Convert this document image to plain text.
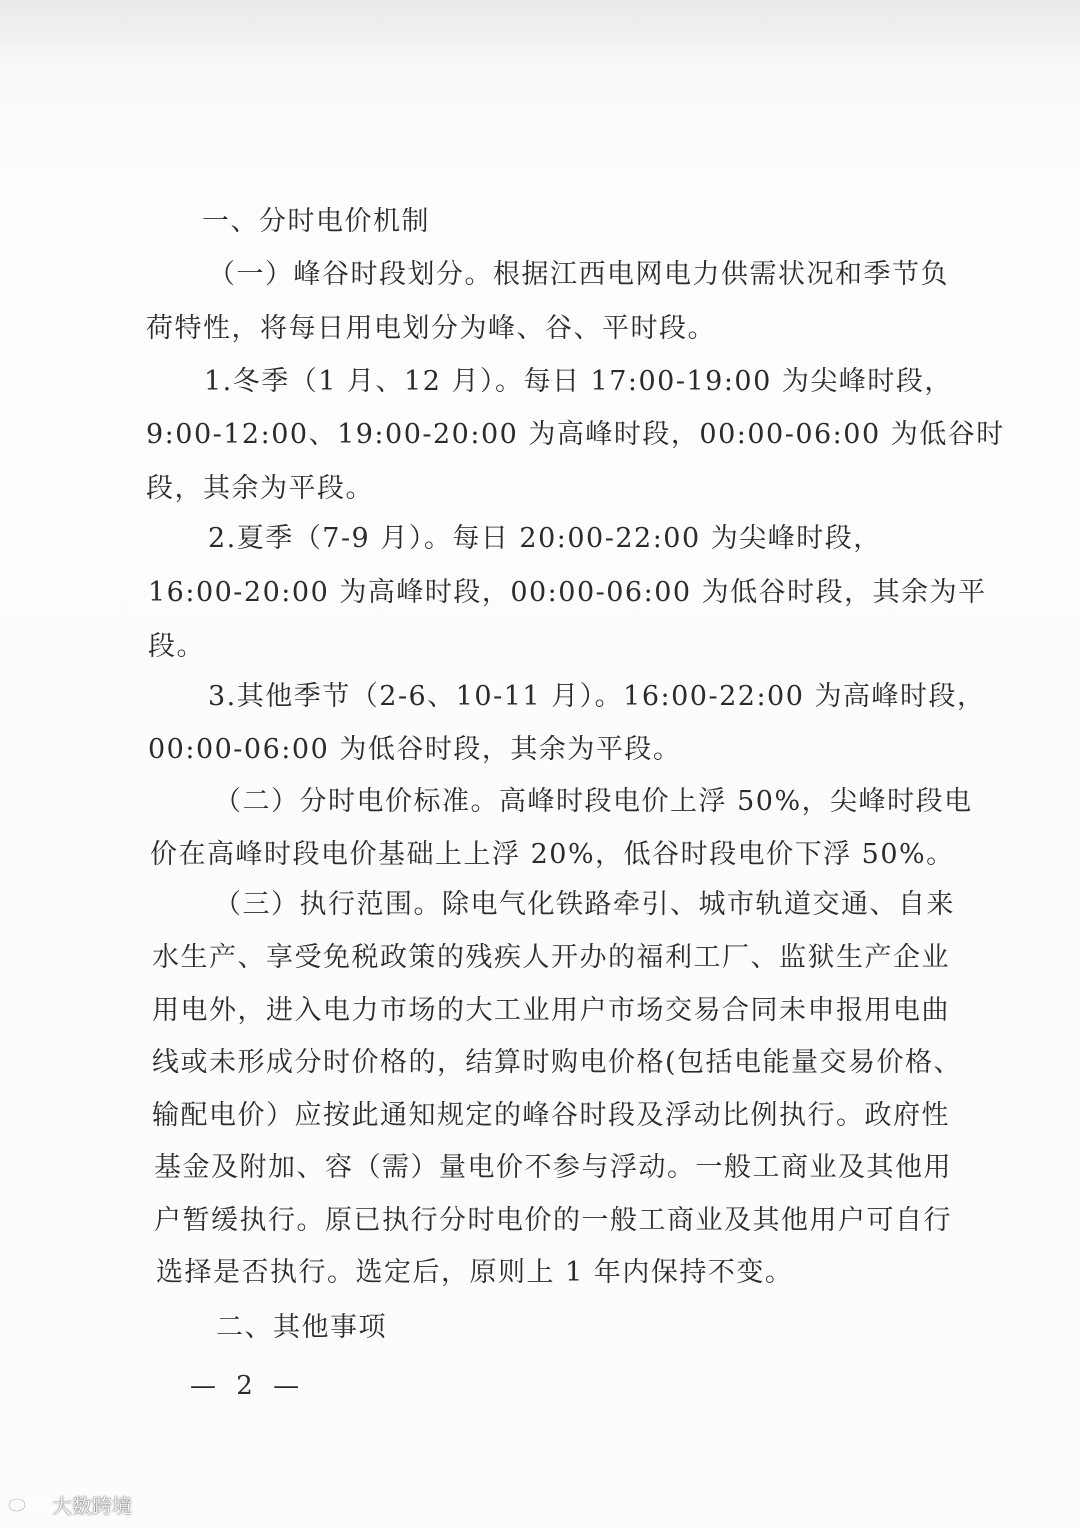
一、分时电价机制
（一）峰谷时段划分。根据江西电网电力供需状况和季节负
荷特性，将每日用电划分为峰、谷、平时段。
1.冬季（1 月、12 月）。每日 17:00-19:00 为尖峰时段，
9:00-12:00、19:00-20:00 为高峰时段，00:00-06:00 为低谷时
段，其余为平段。
2.夏季（7-9 月）。每日 20:00-22:00 为尖峰时段，
16:00-20:00 为高峰时段，00:00-06:00 为低谷时段，其余为平
段。
3.其他季节（2-6、10-11 月）。16:00-22:00 为高峰时段，
00:00-06:00 为低谷时段，其余为平段。
（二）分时电价标准。高峰时段电价上浮 50%，尖峰时段电
价在高峰时段电价基础上上浮 20%，低谷时段电价下浮 50%。
（三）执行范围。除电气化铁路牵引、城市轨道交通、自来
水生产、享受免税政策的残疾人开办的福利工厂、监狱生产企业
用电外，进入电力市场的大工业用户市场交易合同未申报用电曲
线或未形成分时价格的，结算时购电价格(包括电能量交易价格、
输配电价）应按此通知规定的峰谷时段及浮动比例执行。政府性
基金及附加、容（需）量电价不参与浮动。一般工商业及其他用
户暂缓执行。原已执行分时电价的一般工商业及其他用户可自行
选择是否执行。选定后，原则上 1 年内保持不变。
二、其他事项
— 2 —
大数跨境
